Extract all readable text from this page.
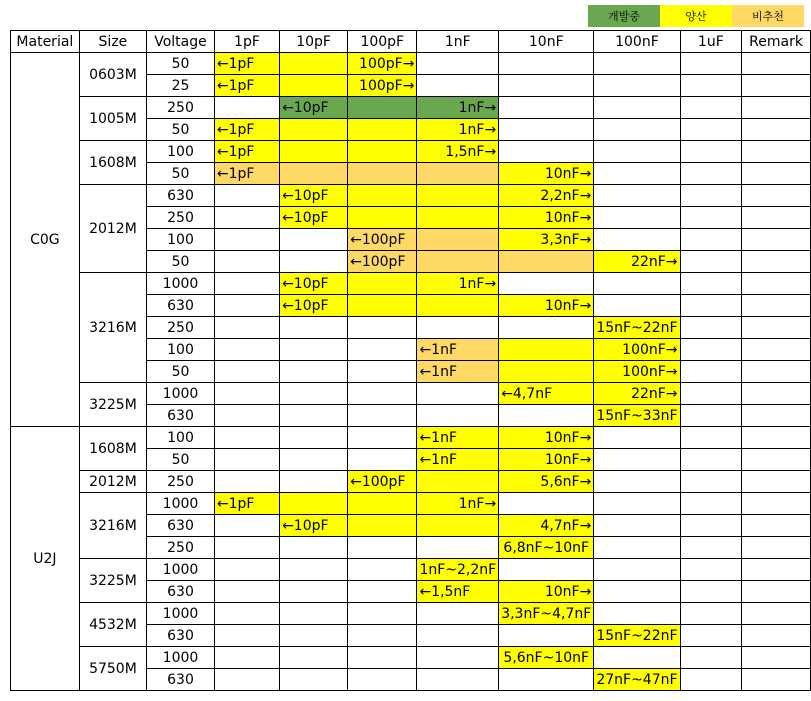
개발중	양산	비추천
Material	Size	Voltage	1pF	10pF	100pF	1nF	10nF	100nF	1uF	Remark
C0G	0603M	50	←1pF		100pF→					

		25	←1pF		100pF→					

	1005M	250		←10pF		1nF→				

		50	←1pF			1nF→				

	1608M	100	←1pF			1,5nF→				

		50	←1pF				10nF→			

	2012M	630		←10pF			2,2nF→			

		250		←10pF			10nF→			

		100			←100pF		3,3nF→			

		50			←100pF			22nF→		

	3216M	1000		←10pF		1nF→				

		630		←10pF			10nF→			

		250						15nF~22nF		

		100				←1nF		100nF→		

		50				←1nF		100nF→		

	3225M	1000					←4,7nF	22nF→		

		630						15nF~33nF		

U2J	1608M	100				←1nF	10nF→			

		50				←1nF	10nF→			

	2012M	250			←100pF		5,6nF→			

	3216M	1000	←1pF			1nF→				

		630		←10pF			4,7nF→			

		250					6,8nF~10nF			

	3225M	1000				1nF~2,2nF				

		630				←1,5nF	10nF→			

	4532M	1000					3,3nF~4,7nF			

		630						15nF~22nF		

	5750M	1000					5,6nF~10nF			

		630						27nF~47nF		
